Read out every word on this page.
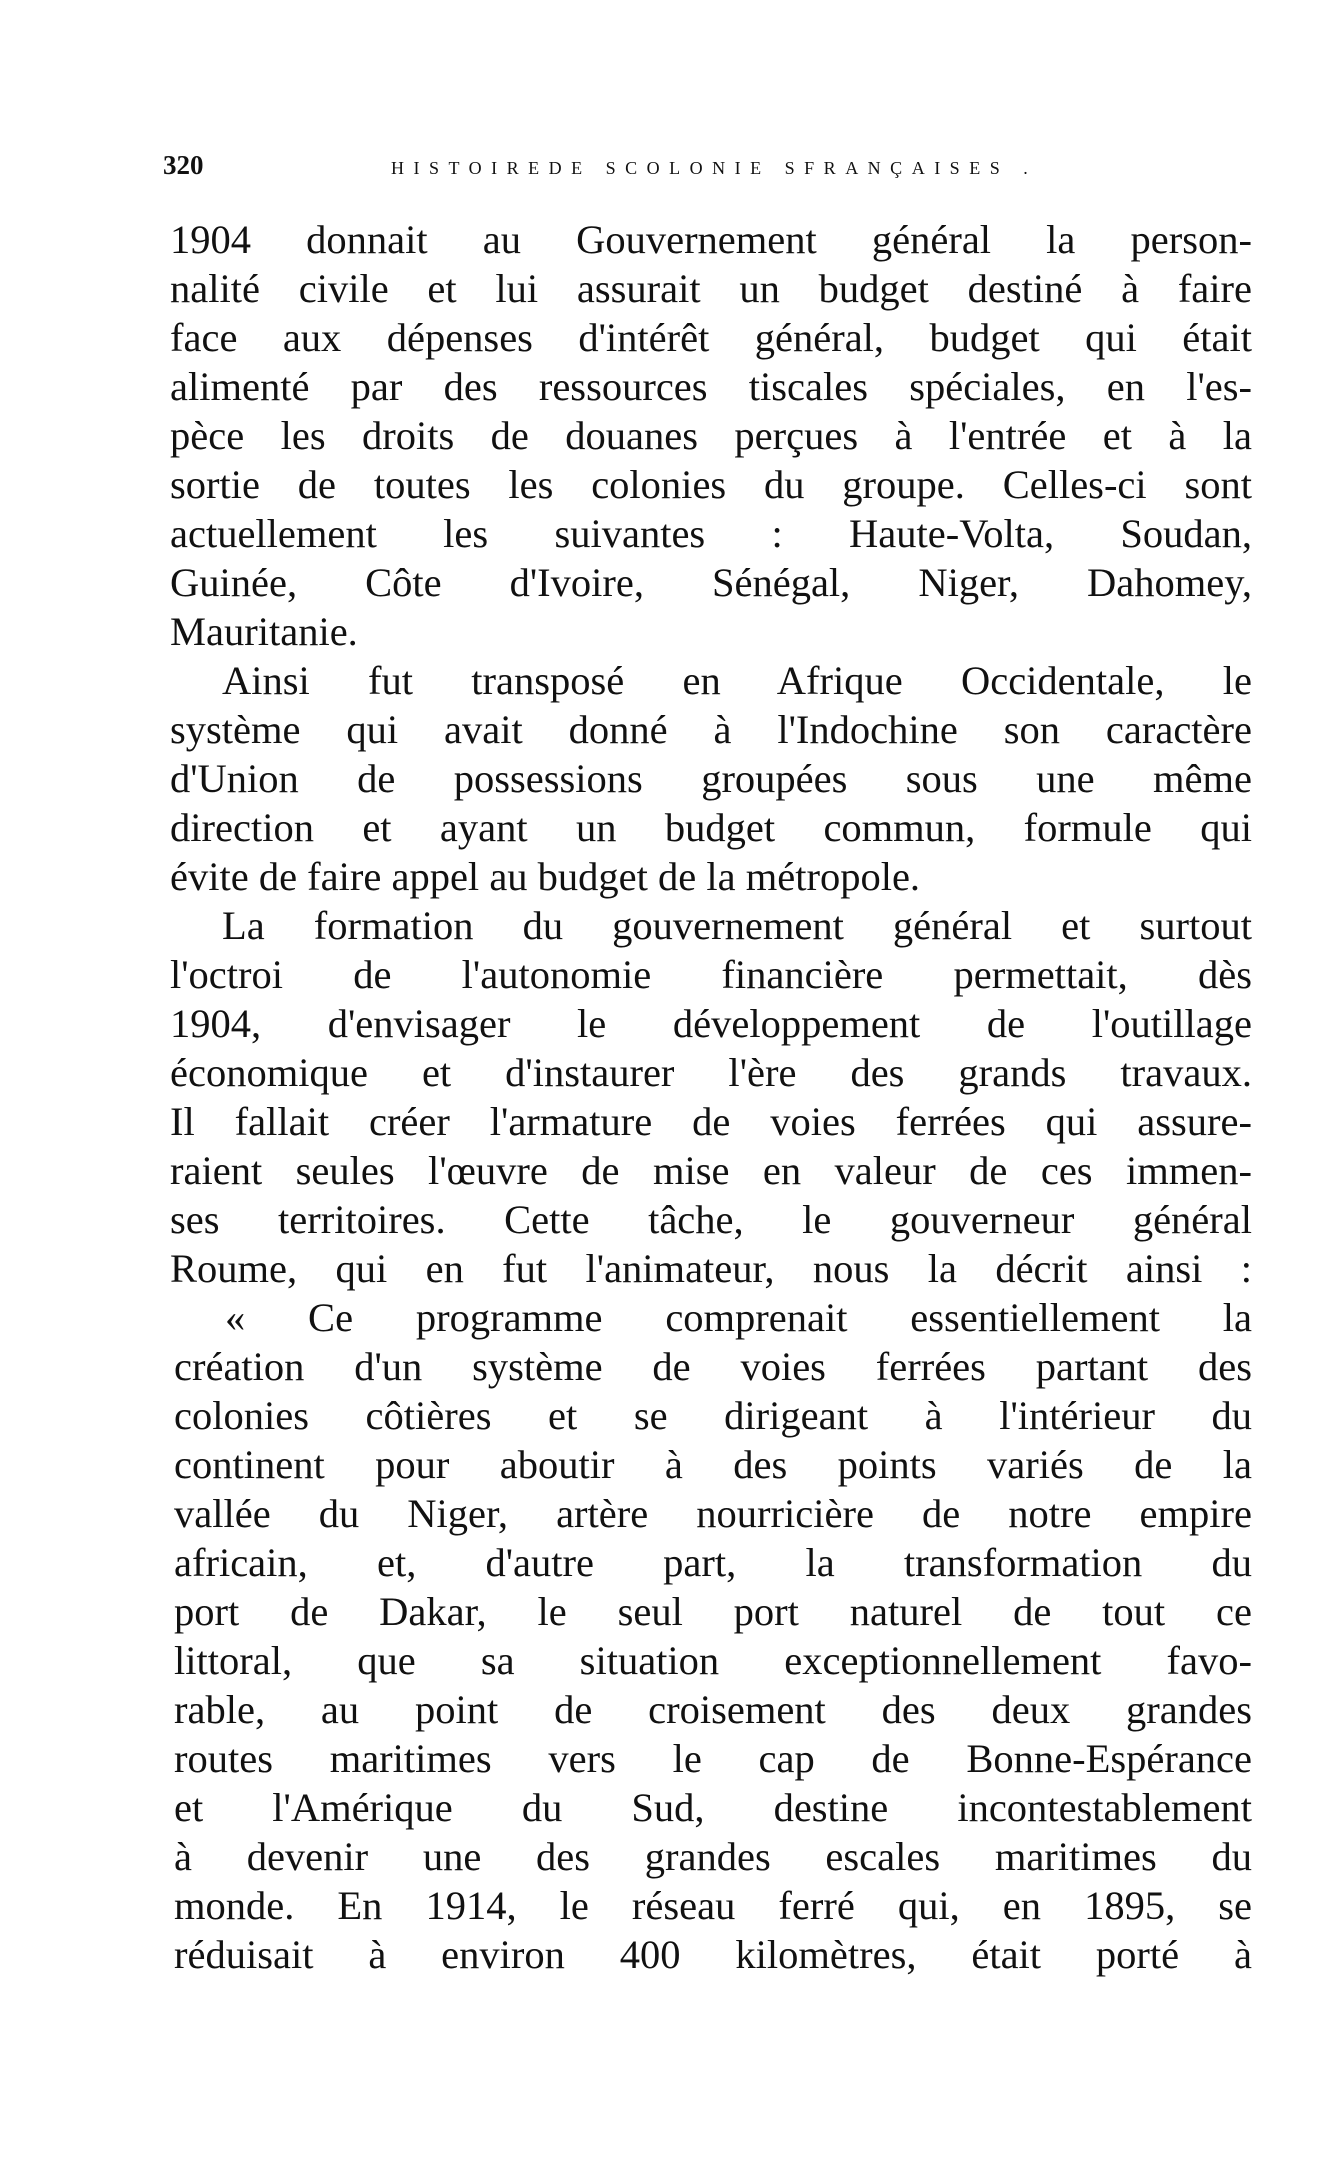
320	HISTOIREDE SCOLONIE SFRANÇAISES .
1904 donnait au Gouvernement général la person-
nalité civile et lui assurait un budget destiné à faire
face aux dépenses d'intérêt général, budget qui était
alimenté par des ressources tiscales spéciales, en l'es-
pèce les droits de douanes perçues à l'entrée et à la
sortie de toutes les colonies du groupe. Celles-ci sont
actuellement les suivantes : Haute-Volta, Soudan,
Guinée, Côte d'Ivoire, Sénégal, Niger, Dahomey,
Mauritanie.
Ainsi fut transposé en Afrique Occidentale, le
système qui avait donné à l'Indochine son caractère
d'Union de possessions groupées sous une même
direction et ayant un budget commun, formule qui
évite de faire appel au budget de la métropole.
La formation du gouvernement général et surtout
l'octroi de l'autonomie financière permettait, dès
1904, d'envisager le développement de l'outillage
économique et d'instaurer l'ère des grands travaux.
Il fallait créer l'armature de voies ferrées qui assure-
raient seules l'œuvre de mise en valeur de ces immen-
ses territoires. Cette tâche, le gouverneur général
Roume, qui en fut l'animateur, nous la décrit ainsi :
« Ce programme comprenait essentiellement la
création d'un système de voies ferrées partant des
colonies côtières et se dirigeant à l'intérieur du
continent pour aboutir à des points variés de la
vallée du Niger, artère nourricière de notre empire
africain, et, d'autre part, la transformation du
port de Dakar, le seul port naturel de tout ce
littoral, que sa situation exceptionnellement favo-
rable, au point de croisement des deux grandes
routes maritimes vers le cap de Bonne-Espérance
et l'Amérique du Sud, destine incontestablement
à devenir une des grandes escales maritimes du
monde. En 1914, le réseau ferré qui, en 1895, se
réduisait à environ 400 kilomètres, était porté à
